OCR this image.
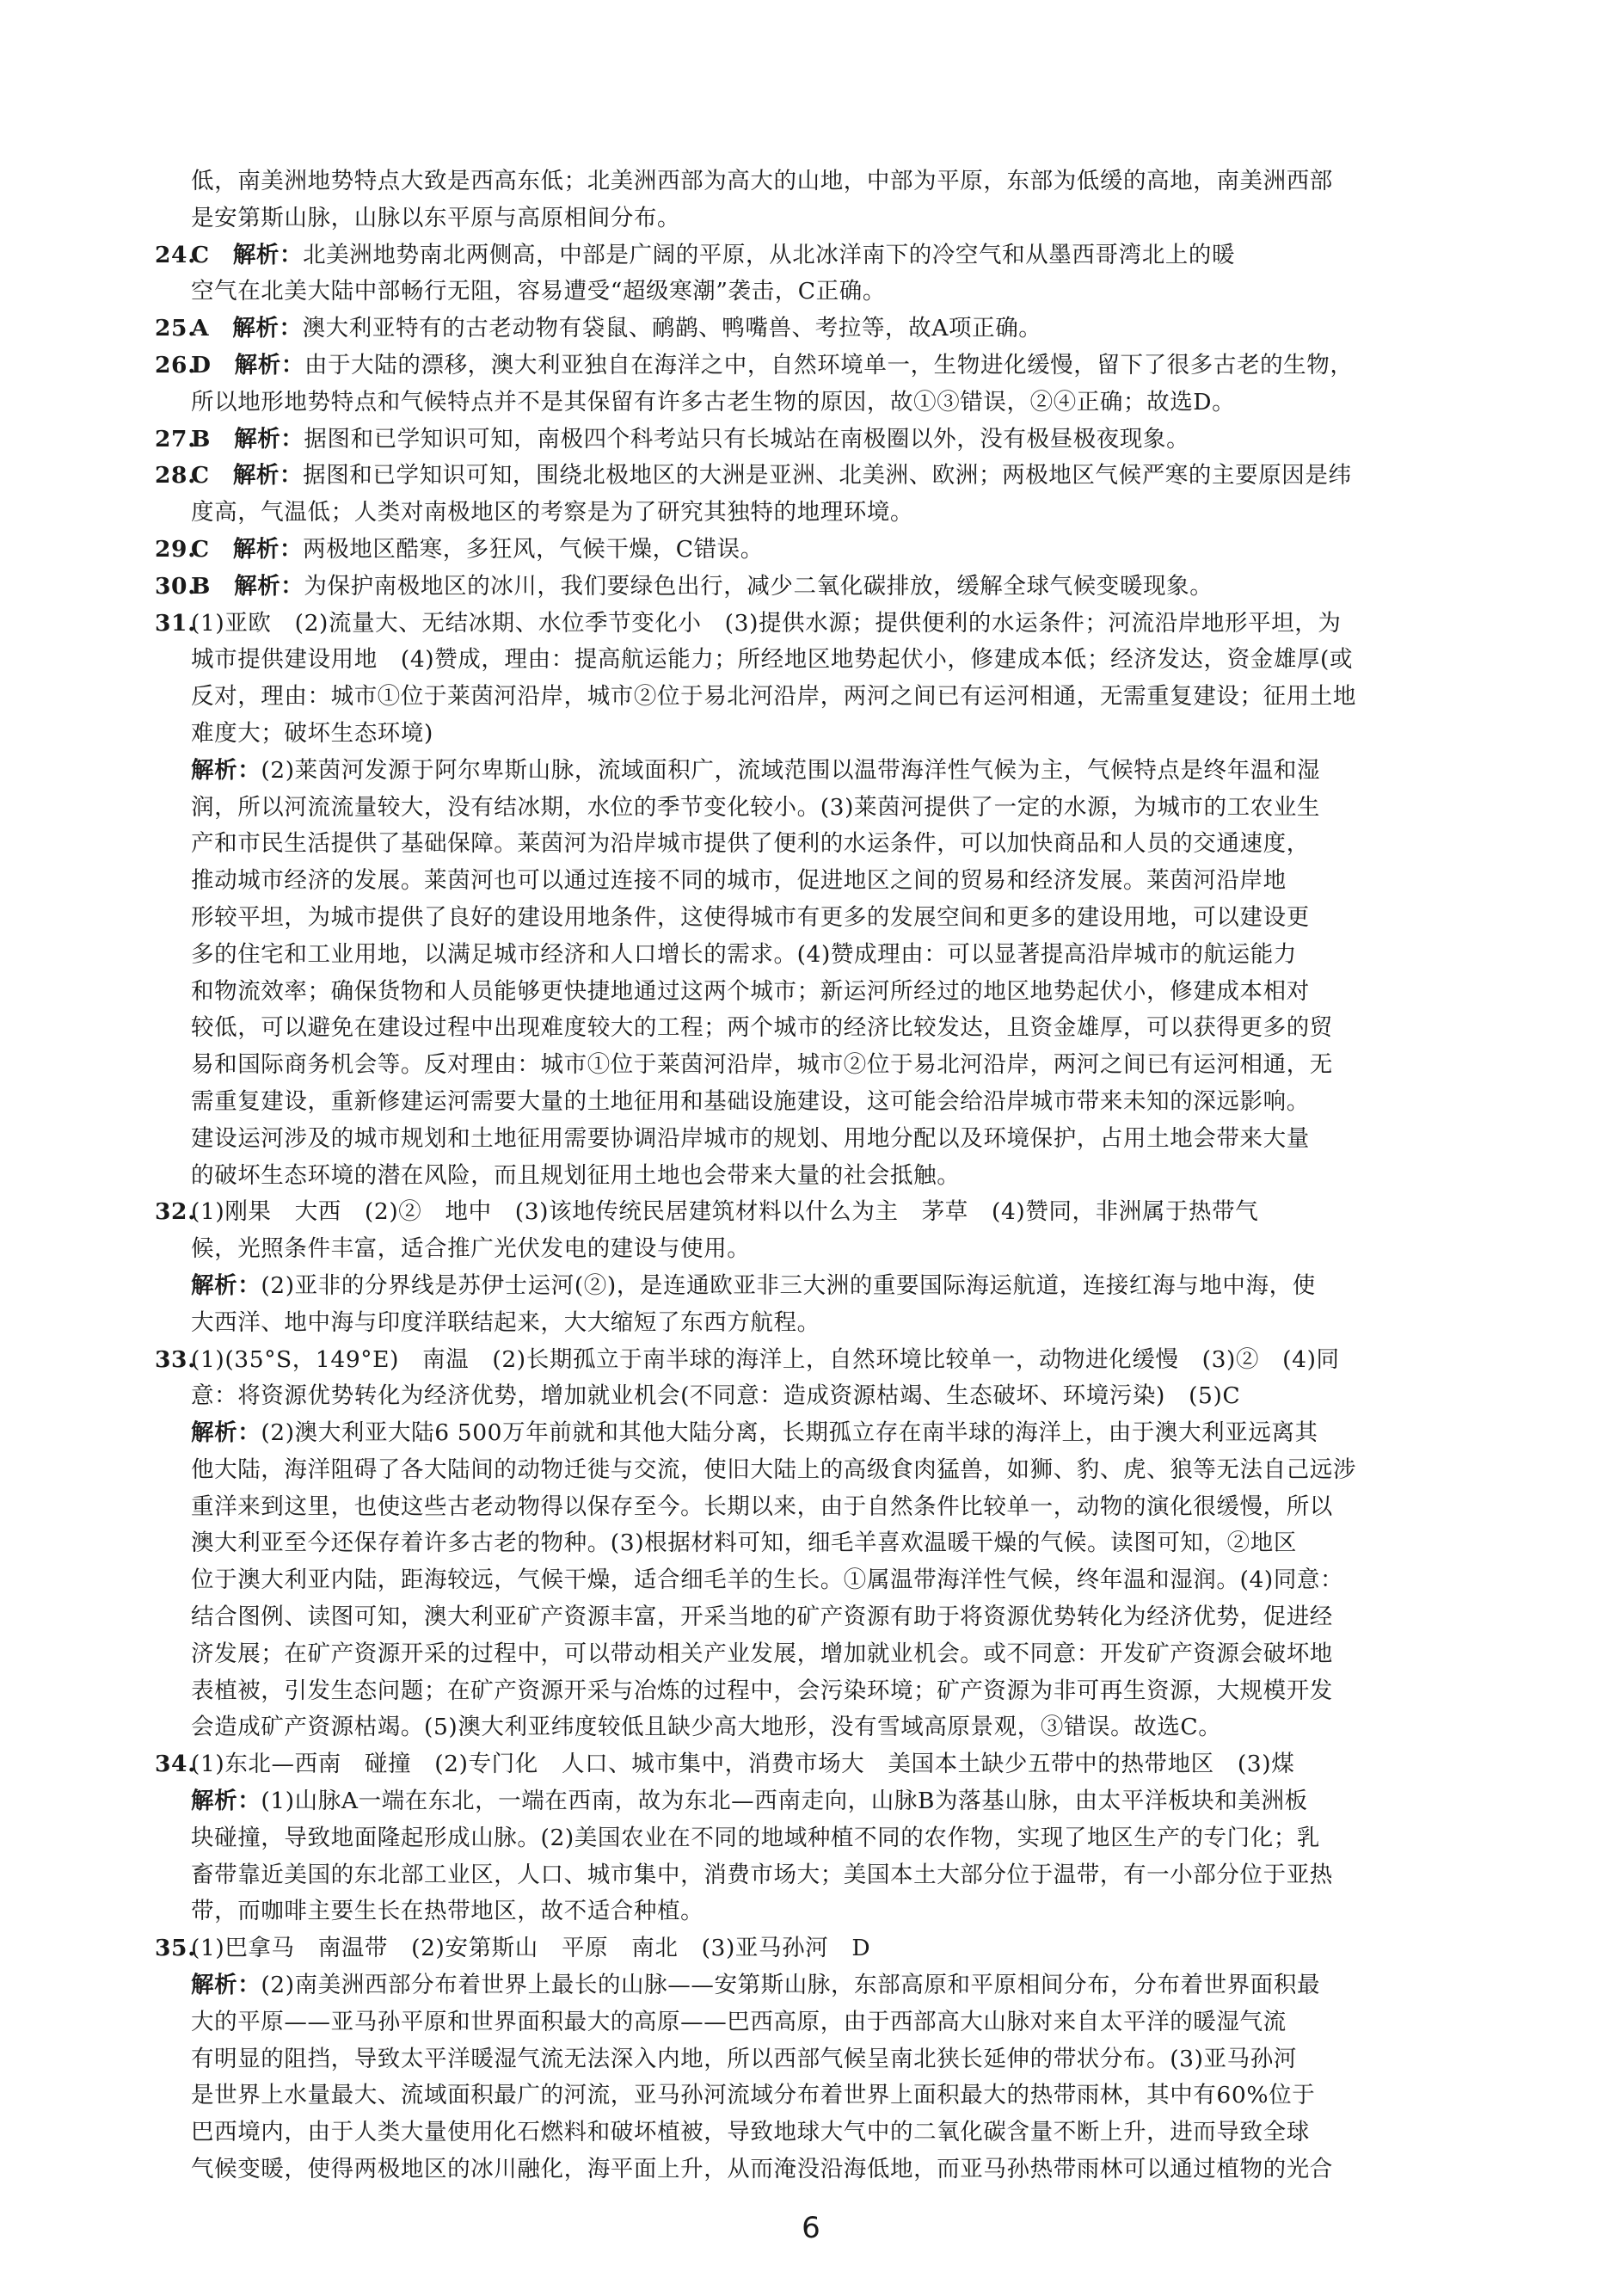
低，南美洲地势特点大致是西高东低；北美洲西部为高大的山地，中部为平原，东部为低缓的高地，南美洲西部
是安第斯山脉，山脉以东平原与高原相间分布。
24.C　解析：北美洲地势南北两侧高，中部是广阔的平原，从北冰洋南下的冷空气和从墨西哥湾北上的暖
空气在北美大陆中部畅行无阻，容易遭受“超级寒潮”袭击，C正确。
25.A　解析：澳大利亚特有的古老动物有袋鼠、鸸鹋、鸭嘴兽、考拉等，故A项正确。
26.D　解析：由于大陆的漂移，澳大利亚独自在海洋之中，自然环境单一，生物进化缓慢，留下了很多古老的生物，
所以地形地势特点和气候特点并不是其保留有许多古老生物的原因，故①③错误，②④正确；故选D。
27.B　解析：据图和已学知识可知，南极四个科考站只有长城站在南极圈以外，没有极昼极夜现象。
28.C　解析：据图和已学知识可知，围绕北极地区的大洲是亚洲、北美洲、欧洲；两极地区气候严寒的主要原因是纬
度高，气温低；人类对南极地区的考察是为了研究其独特的地理环境。
29.C　解析：两极地区酷寒，多狂风，气候干燥，C错误。
30.B　解析：为保护南极地区的冰川，我们要绿色出行，减少二氧化碳排放，缓解全球气候变暖现象。
31.(1)亚欧　(2)流量大、无结冰期、水位季节变化小　(3)提供水源；提供便利的水运条件；河流沿岸地形平坦，为
城市提供建设用地　(4)赞成，理由：提高航运能力；所经地区地势起伏小，修建成本低；经济发达，资金雄厚(或
反对，理由：城市①位于莱茵河沿岸，城市②位于易北河沿岸，两河之间已有运河相通，无需重复建设；征用土地
难度大；破坏生态环境)
解析：(2)莱茵河发源于阿尔卑斯山脉，流域面积广，流域范围以温带海洋性气候为主，气候特点是终年温和湿
润，所以河流流量较大，没有结冰期，水位的季节变化较小。(3)莱茵河提供了一定的水源，为城市的工农业生
产和市民生活提供了基础保障。莱茵河为沿岸城市提供了便利的水运条件，可以加快商品和人员的交通速度，
推动城市经济的发展。莱茵河也可以通过连接不同的城市，促进地区之间的贸易和经济发展。莱茵河沿岸地
形较平坦，为城市提供了良好的建设用地条件，这使得城市有更多的发展空间和更多的建设用地，可以建设更
多的住宅和工业用地，以满足城市经济和人口增长的需求。(4)赞成理由：可以显著提高沿岸城市的航运能力
和物流效率；确保货物和人员能够更快捷地通过这两个城市；新运河所经过的地区地势起伏小，修建成本相对
较低，可以避免在建设过程中出现难度较大的工程；两个城市的经济比较发达，且资金雄厚，可以获得更多的贸
易和国际商务机会等。反对理由：城市①位于莱茵河沿岸，城市②位于易北河沿岸，两河之间已有运河相通，无
需重复建设，重新修建运河需要大量的土地征用和基础设施建设，这可能会给沿岸城市带来未知的深远影响。
建设运河涉及的城市规划和土地征用需要协调沿岸城市的规划、用地分配以及环境保护，占用土地会带来大量
的破坏生态环境的潜在风险，而且规划征用土地也会带来大量的社会抵触。
32.(1)刚果　大西　(2)②　地中　(3)该地传统民居建筑材料以什么为主　茅草　(4)赞同，非洲属于热带气
候，光照条件丰富，适合推广光伏发电的建设与使用。
解析：(2)亚非的分界线是苏伊士运河(②)，是连通欧亚非三大洲的重要国际海运航道，连接红海与地中海，使
大西洋、地中海与印度洋联结起来，大大缩短了东西方航程。
33.(1)(35°S，149°E)　南温　(2)长期孤立于南半球的海洋上，自然环境比较单一，动物进化缓慢　(3)②　(4)同
意：将资源优势转化为经济优势，增加就业机会(不同意：造成资源枯竭、生态破坏、环境污染)　(5)C
解析：(2)澳大利亚大陆6 500万年前就和其他大陆分离，长期孤立存在南半球的海洋上，由于澳大利亚远离其
他大陆，海洋阻碍了各大陆间的动物迁徙与交流，使旧大陆上的高级食肉猛兽，如狮、豹、虎、狼等无法自己远涉
重洋来到这里，也使这些古老动物得以保存至今。长期以来，由于自然条件比较单一，动物的演化很缓慢，所以
澳大利亚至今还保存着许多古老的物种。(3)根据材料可知，细毛羊喜欢温暖干燥的气候。读图可知，②地区
位于澳大利亚内陆，距海较远，气候干燥，适合细毛羊的生长。①属温带海洋性气候，终年温和湿润。(4)同意：
结合图例、读图可知，澳大利亚矿产资源丰富，开采当地的矿产资源有助于将资源优势转化为经济优势，促进经
济发展；在矿产资源开采的过程中，可以带动相关产业发展，增加就业机会。或不同意：开发矿产资源会破坏地
表植被，引发生态问题；在矿产资源开采与冶炼的过程中，会污染环境；矿产资源为非可再生资源，大规模开发
会造成矿产资源枯竭。(5)澳大利亚纬度较低且缺少高大地形，没有雪域高原景观，③错误。故选C。
34.(1)东北—西南　碰撞　(2)专门化　人口、城市集中，消费市场大　美国本土缺少五带中的热带地区　(3)煤
解析：(1)山脉A一端在东北，一端在西南，故为东北—西南走向，山脉B为落基山脉，由太平洋板块和美洲板
块碰撞，导致地面隆起形成山脉。(2)美国农业在不同的地域种植不同的农作物，实现了地区生产的专门化；乳
畜带靠近美国的东北部工业区，人口、城市集中，消费市场大；美国本土大部分位于温带，有一小部分位于亚热
带，而咖啡主要生长在热带地区，故不适合种植。
35.(1)巴拿马　南温带　(2)安第斯山　平原　南北　(3)亚马孙河　D
解析：(2)南美洲西部分布着世界上最长的山脉——安第斯山脉，东部高原和平原相间分布，分布着世界面积最
大的平原——亚马孙平原和世界面积最大的高原——巴西高原，由于西部高大山脉对来自太平洋的暖湿气流
有明显的阻挡，导致太平洋暖湿气流无法深入内地，所以西部气候呈南北狭长延伸的带状分布。(3)亚马孙河
是世界上水量最大、流域面积最广的河流，亚马孙河流域分布着世界上面积最大的热带雨林，其中有60%位于
巴西境内，由于人类大量使用化石燃料和破坏植被，导致地球大气中的二氧化碳含量不断上升，进而导致全球
气候变暖，使得两极地区的冰川融化，海平面上升，从而淹没沿海低地，而亚马孙热带雨林可以通过植物的光合
6
